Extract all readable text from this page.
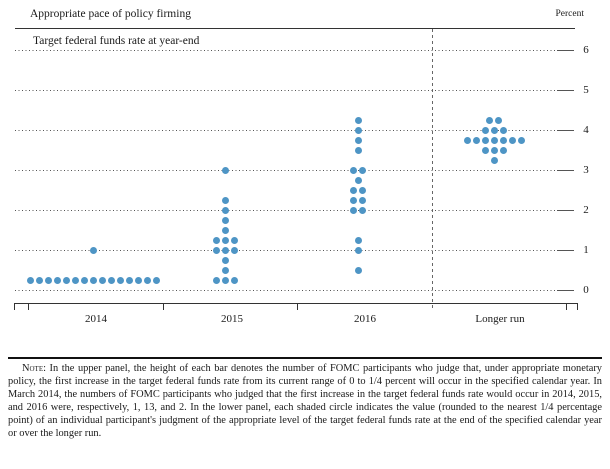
Appropriate pace of policy firming	Percent
Target federal funds rate at year-end
0
1
2
3
4
5
6
2014	2015	2016	Longer run

Note: In the upper panel, the height of each bar denotes the number of FOMC participants who judge that, under appropriate monetary policy, the first increase in the target federal funds rate from its current range of 0 to 1/4 percent will occur in the specified calendar year. In March 2014, the numbers of FOMC participants who judged that the first increase in the target federal funds rate would occur in 2014, 2015, and 2016 were, respectively, 1, 13, and 2. In the lower panel, each shaded circle indicates the value (rounded to the nearest 1/4 percentage point) of an individual participant's judgment of the appropriate level of the target federal funds rate at the end of the specified calendar year or over the longer run.
